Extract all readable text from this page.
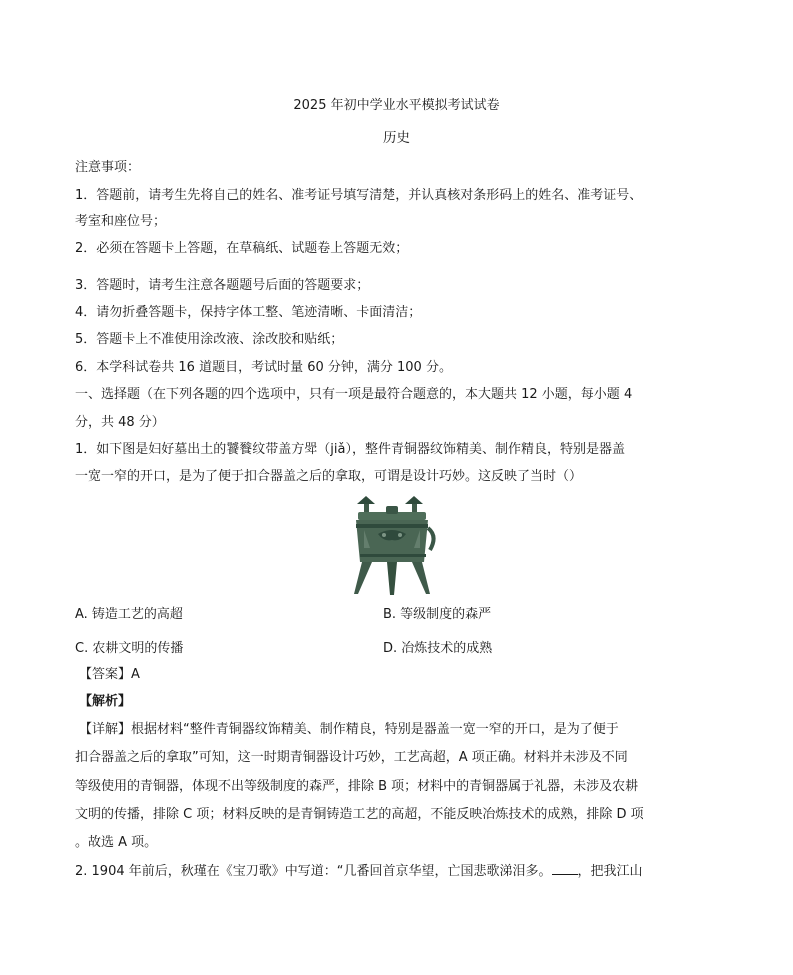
2025 年初中学业水平模拟考试试卷
历史
注意事项：
1．答题前，请考生先将自己的姓名、准考证号填写清楚，并认真核对条形码上的姓名、准考证号、
考室和座位号；
2．必须在答题卡上答题，在草稿纸、试题卷上答题无效；
3．答题时，请考生注意各题题号后面的答题要求；
4．请勿折叠答题卡，保持字体工整、笔迹清晰、卡面清洁；
5．答题卡上不准使用涂改液、涂改胶和贴纸；
6．本学科试卷共 16 道题目，考试时量 60 分钟，满分 100 分。
一、选择题（在下列各题的四个选项中，只有一项是最符合题意的，本大题共 12 小题，每小题 4
分，共 48 分）
1．如下图是妇好墓出土的饕餮纹带盖方斝（jiǎ），整件青铜器纹饰精美、制作精良，特别是器盖
一宽一窄的开口，是为了便于扣合器盖之后的拿取，可谓是设计巧妙。这反映了当时（）
A. 铸造工艺的高超	B. 等级制度的森严
C. 农耕文明的传播	D. 冶炼技术的成熟
【答案】A
【解析】
【详解】根据材料“整件青铜器纹饰精美、制作精良，特别是器盖一宽一窄的开口，是为了便于
扣合器盖之后的拿取”可知，这一时期青铜器设计巧妙，工艺高超，A 项正确。材料并未涉及不同
等级使用的青铜器，体现不出等级制度的森严，排除 B 项；材料中的青铜器属于礼器，未涉及农耕
文明的传播，排除 C 项；材料反映的是青铜铸造工艺的高超，不能反映冶炼技术的成熟，排除 D 项
。故选 A 项。
2. 1904 年前后，秋瑾在《宝刀歌》中写道：“几番回首京华望，亡国悲歌涕泪多。 ，把我江山
